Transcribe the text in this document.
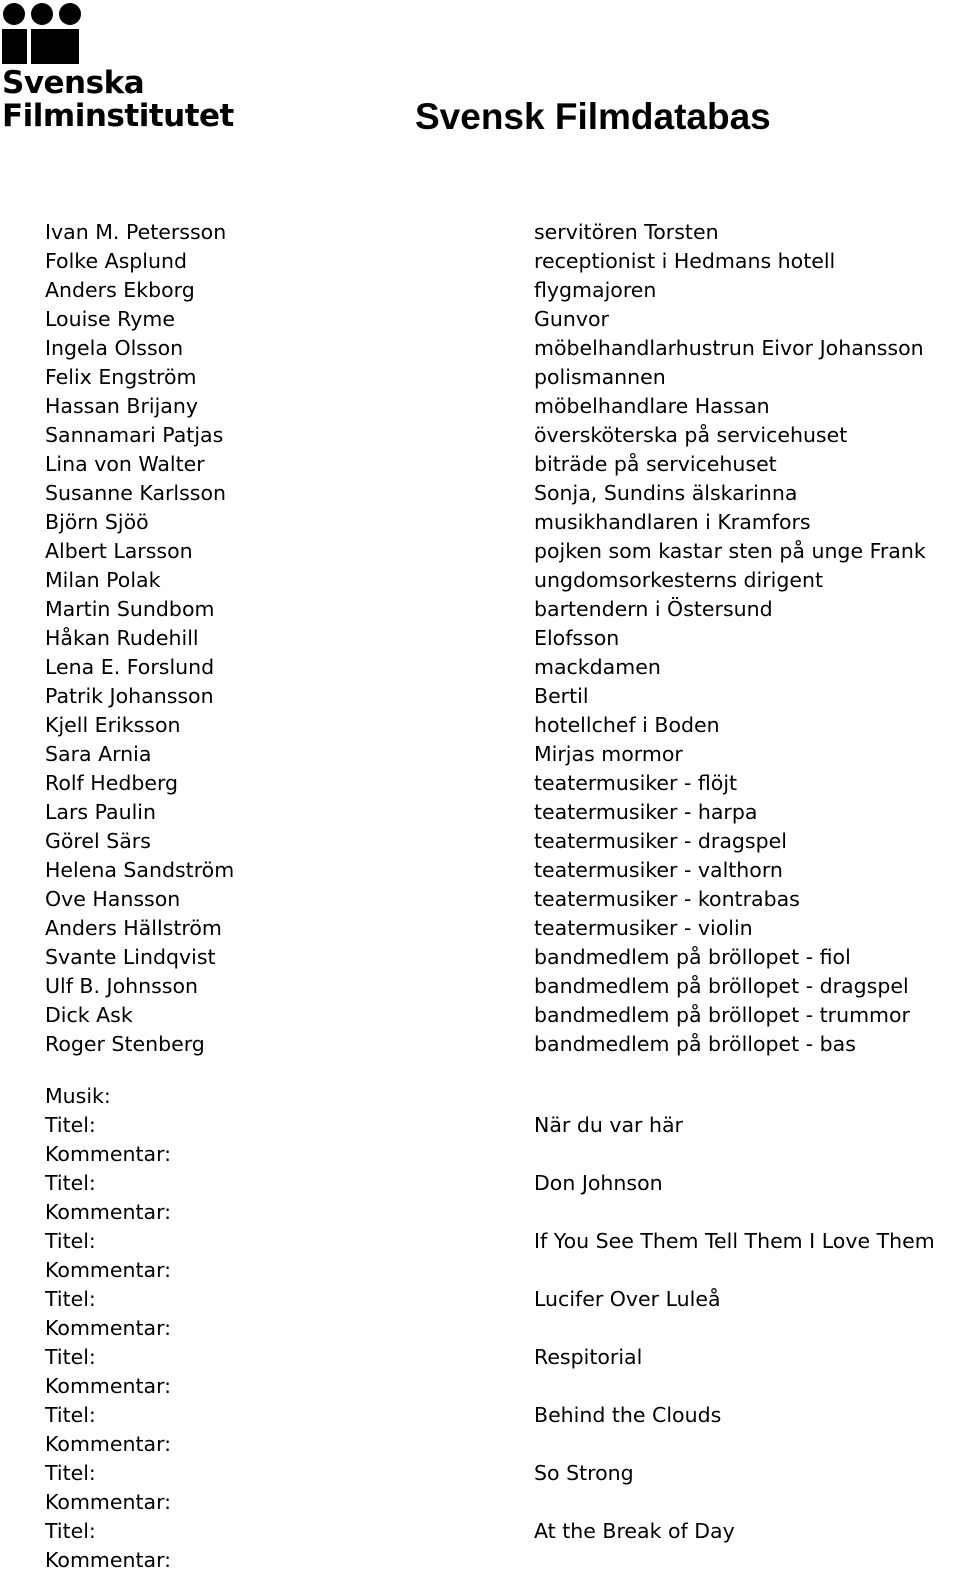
Svenska
Filminstitutet	Svensk Filmdatabas
Ivan M. Petersson
Folke Asplund
Anders Ekborg
Louise Ryme
Ingela Olsson
Felix Engström
Hassan Brijany
Sannamari Patjas
Lina von Walter
Susanne Karlsson
Björn Sjöö
Albert Larsson
Milan Polak
Martin Sundbom
Håkan Rudehill
Lena E. Forslund
Patrik Johansson
Kjell Eriksson
Sara Arnia
Rolf Hedberg
Lars Paulin
Görel Särs
Helena Sandström
Ove Hansson
Anders Hällström
Svante Lindqvist
Ulf B. Johnsson
Dick Ask
Roger Stenberg
servitören Torsten
receptionist i Hedmans hotell
flygmajoren
Gunvor
möbelhandlarhustrun Eivor Johansson
polismannen
möbelhandlare Hassan
översköterska på servicehuset
biträde på servicehuset
Sonja, Sundins älskarinna
musikhandlaren i Kramfors
pojken som kastar sten på unge Frank
ungdomsorkesterns dirigent
bartendern i Östersund
Elofsson
mackdamen
Bertil
hotellchef i Boden
Mirjas mormor
teatermusiker - flöjt
teatermusiker - harpa
teatermusiker - dragspel
teatermusiker - valthorn
teatermusiker - kontrabas
teatermusiker - violin
bandmedlem på bröllopet - fiol
bandmedlem på bröllopet - dragspel
bandmedlem på bröllopet - trummor
bandmedlem på bröllopet - bas
Musik:
Titel:
Kommentar:
Titel:
Kommentar:
Titel:
Kommentar:
Titel:
Kommentar:
Titel:
Kommentar:
Titel:
Kommentar:
Titel:
Kommentar:
Titel:
Kommentar:
När du var här
Don Johnson
If You See Them Tell Them I Love Them
Lucifer Over Luleå
Respitorial
Behind the Clouds
So Strong
At the Break of Day
